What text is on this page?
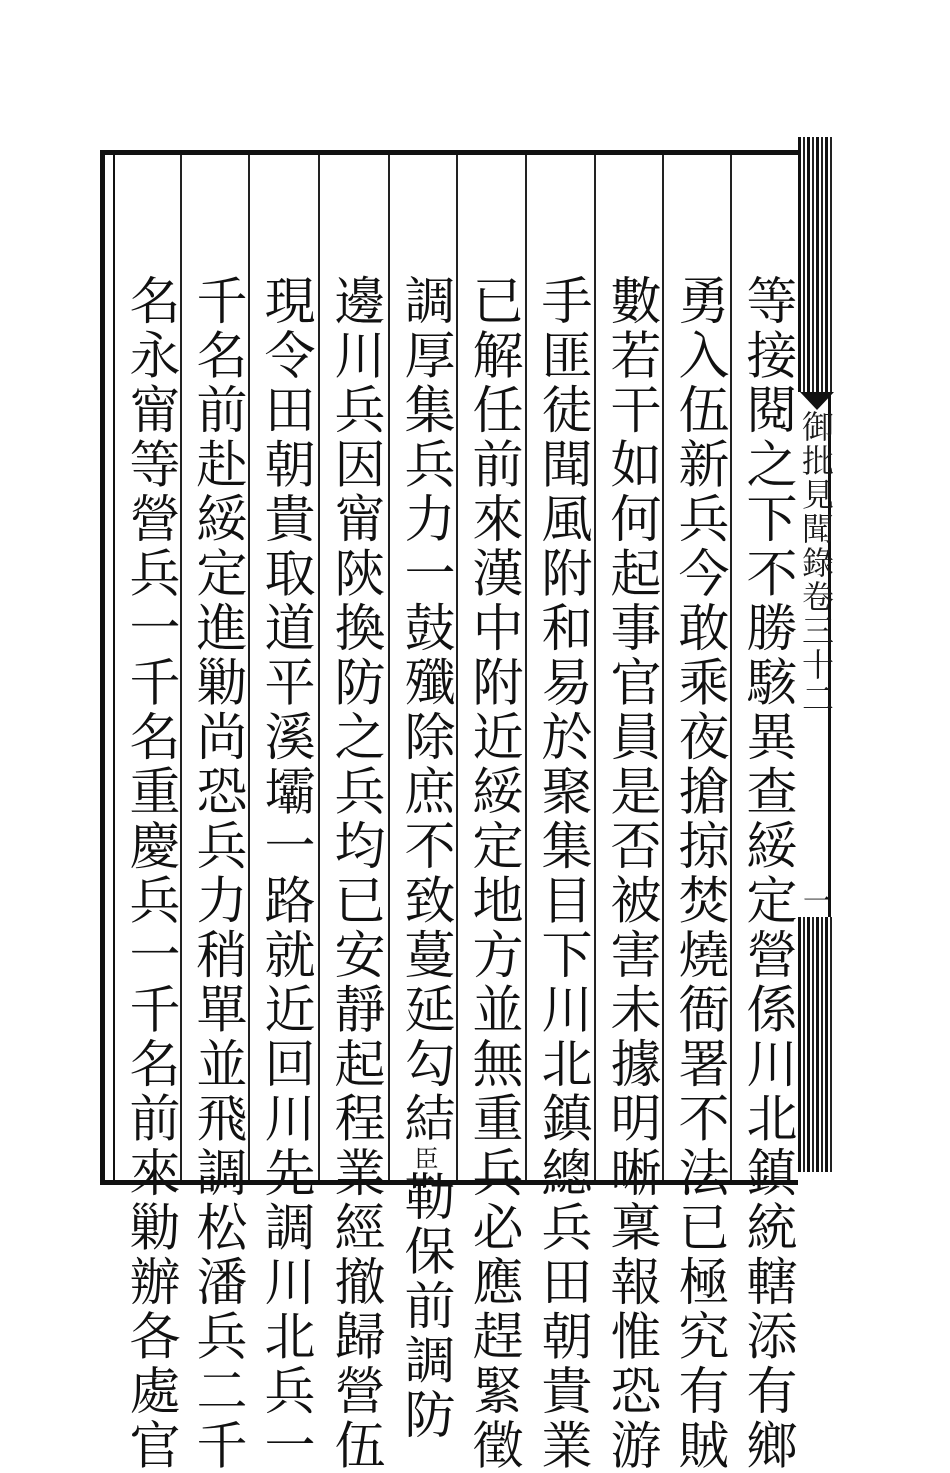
等接閱之下不勝駭異查綏定營係川北鎮統轄添有鄉
勇入伍新兵今敢乘夜搶掠焚燒衙署不法已極究有賊
數若干如何起事官員是否被害未據明晰稟報惟恐游
手匪徒聞風附和易於聚集目下川北鎮總兵田朝貴業
已解任前來漢中附近綏定地方並無重兵必應趕緊徵
調厚集兵力一鼓殲除庶不致蔓延勾結臣勒保前調防
邊川兵因甯陝換防之兵均已安靜起程業經撤歸營伍
現令田朝貴取道平溪壩一路就近回川先調川北兵一
千名前赴綏定進勦尚恐兵力稍單並飛調松潘兵二千
名永甯等營兵一千名重慶兵一千名前來勦辦各處官	御批見聞錄卷三十二
一
